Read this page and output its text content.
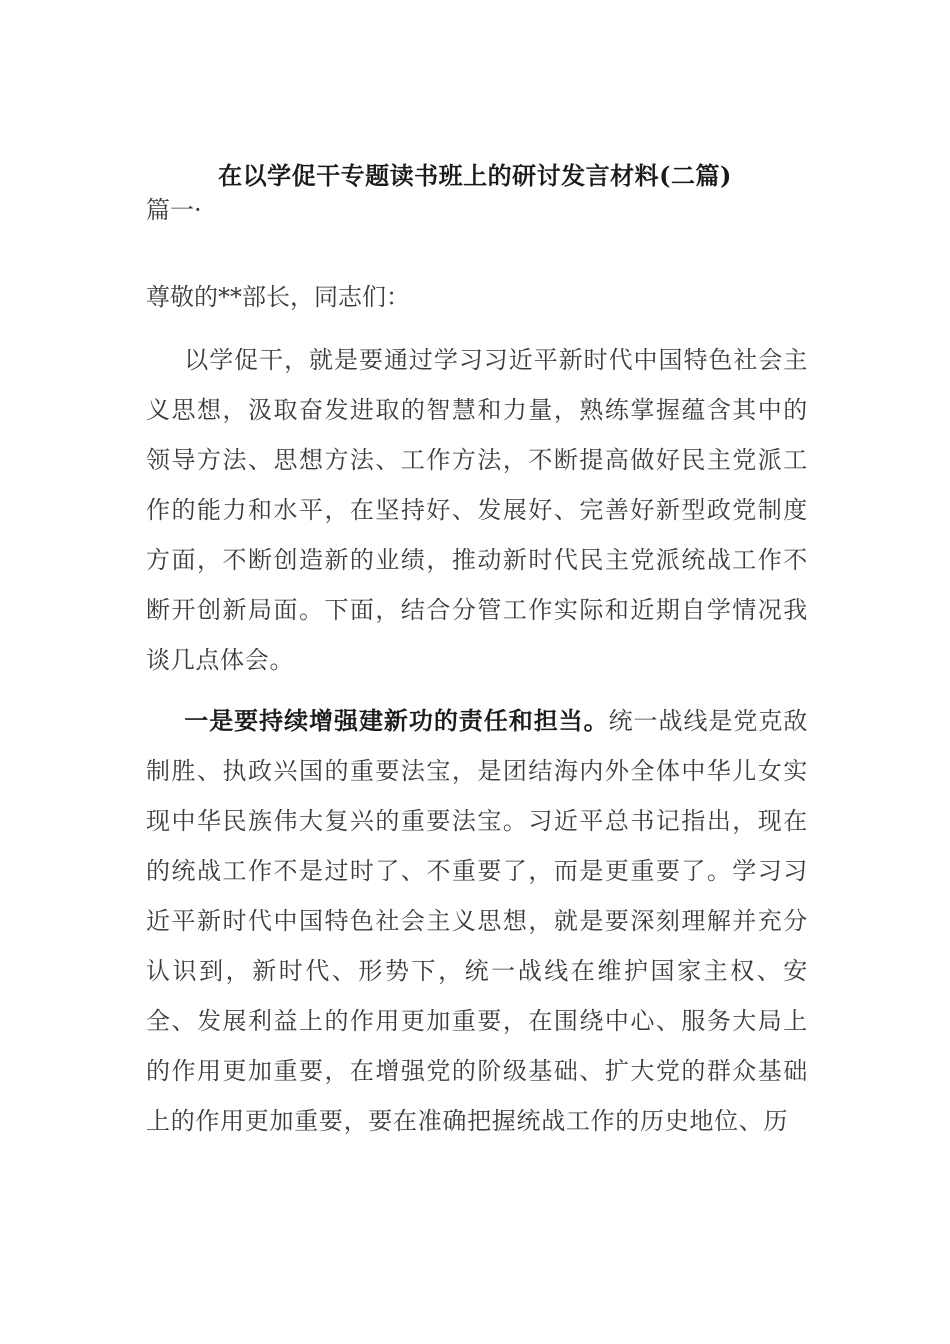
在以学促干专题读书班上的研讨发言材料(二篇)
篇一·
尊敬的**部长，同志们：
以学促干，就是要通过学习习近平新时代中国特色社会主义思想，汲取奋发进取的智慧和力量，熟练掌握蕴含其中的领导方法、思想方法、工作方法，不断提高做好民主党派工作的能力和水平，在坚持好、发展好、完善好新型政党制度方面，不断创造新的业绩，推动新时代民主党派统战工作不断开创新局面。下面，结合分管工作实际和近期自学情况我谈几点体会。
一是要持续增强建新功的责任和担当。统一战线是党克敌制胜、执政兴国的重要法宝，是团结海内外全体中华儿女实现中华民族伟大复兴的重要法宝。习近平总书记指出，现在的统战工作不是过时了、不重要了，而是更重要了。学习习近平新时代中国特色社会主义思想，就是要深刻理解并充分认识到，新时代、形势下，统一战线在维护国家主权、安全、发展利益上的作用更加重要，在围绕中心、服务大局上的作用更加重要，在增强党的阶级基础、扩大党的群众基础上的作用更加重要，要在准确把握统战工作的历史地位、历
